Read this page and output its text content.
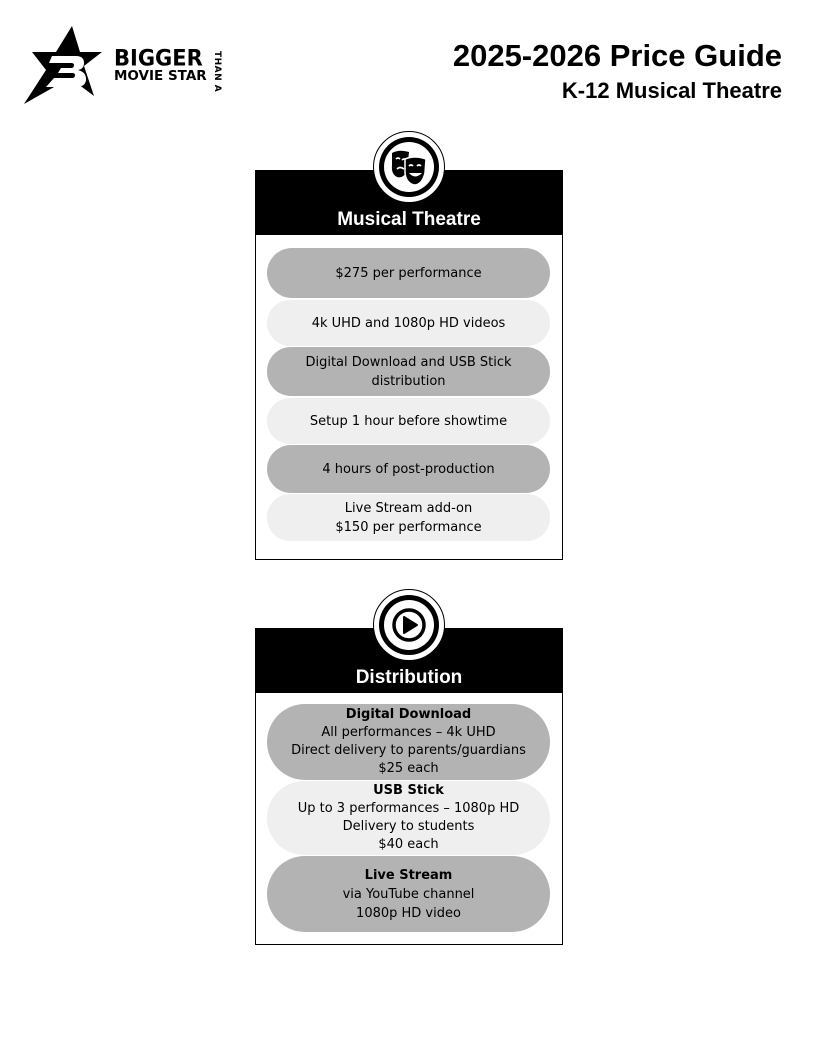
BIGGER
MOVIE STAR THAN A	2025-2026 Price Guide
K-12 Musical Theatre
Musical Theatre
$275 per performance
4k UHD and 1080p HD videos
Digital Download and USB Stick
distribution
Setup 1 hour before showtime
4 hours of post-production
Live Stream add-on
$150 per performance
Distribution
Digital Download
All performances – 4k UHD
Direct delivery to parents/guardians
$25 each
USB Stick
Up to 3 performances – 1080p HD
Delivery to students
$40 each
Live Stream
via YouTube channel
1080p HD video
